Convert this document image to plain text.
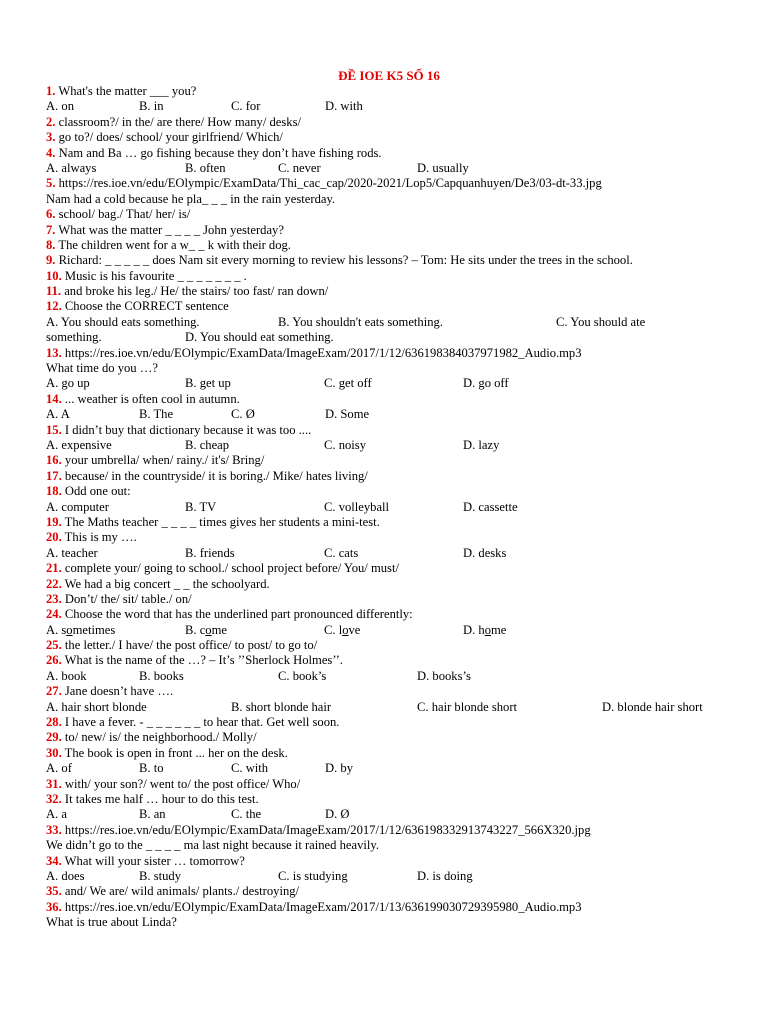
ĐỀ IOE K5 SỐ 16
1. What's the matter ___ you?
A. on	B. in	C. for	D. with
2. classroom?/ in the/ are there/ How many/ desks/
3. go to?/ does/ school/ your girlfriend/ Which/
4. Nam and Ba … go fishing because they don’t have fishing rods.
A. always	B. often	C. never	D. usually
5. https://res.ioe.vn/edu/EOlympic/ExamData/Thi_cac_cap/2020-2021/Lop5/Capquanhuyen/De3/03-dt-33.jpg
Nam had a cold because he pla_ _ _ in the rain yesterday.
6. school/ bag./ That/ her/ is/
7. What was the matter _ _ _ _ John yesterday?
8. The children went for a w_ _ k with their dog.
9. Richard: _ _ _ _ _ does Nam sit every morning to review his lessons? – Tom: He sits under the trees in the school.
10. Music is his favourite _ _ _ _ _ _ _ .
11. and broke his leg./ He/ the stairs/ too fast/ ran down/
12. Choose the CORRECT sentence
A. You should eats something.	B. You shouldn't eats something.	C. You should ate
something.	D. You should eat something.
13. https://res.ioe.vn/edu/EOlympic/ExamData/ImageExam/2017/1/12/636198384037971982_Audio.mp3
What time do you …?
A. go up	B. get up	C. get off	D. go off
14. ... weather is often cool in autumn.
A. A	B. The	C. Ø	D. Some
15. I didn’t buy that dictionary because it was too ....
A. expensive	B. cheap	C. noisy	D. lazy
16. your umbrella/ when/ rainy./ it's/ Bring/
17. because/ in the countryside/ it is boring./ Mike/ hates living/
18. Odd one out:
A. computer	B. TV	C. volleyball	D. cassette
19. The Maths teacher _ _ _ _ times gives her students a mini-test.
20. This is my ….
A. teacher	B. friends	C. cats	D. desks
21. complete your/ going to school./ school project before/ You/ must/
22. We had a big concert _ _ the schoolyard.
23. Don’t/ the/ sit/ table./ on/
24. Choose the word that has the underlined part pronounced differently:
A. sometimes	B. come	C. love	D. home
25. the letter./ I have/ the post office/ to post/ to go to/
26. What is the name of the …? – It’s ’’Sherlock Holmes’’.
A. book	B. books	C. book’s	D. books’s
27. Jane doesn’t have ….
A. hair short blonde	B. short blonde hair	C. hair blonde short	D. blonde hair short
28. I have a fever. - _ _ _ _ _ _ to hear that. Get well soon.
29. to/ new/ is/ the neighborhood./ Molly/
30. The book is open in front ... her on the desk.
A. of	B. to	C. with	D. by
31. with/ your son?/ went to/ the post office/ Who/
32. It takes me half … hour to do this test.
A. a	B. an	C. the	D. Ø
33. https://res.ioe.vn/edu/EOlympic/ExamData/ImageExam/2017/1/12/636198332913743227_566X320.jpg
We didn’t go to the _ _ _ _ ma last night because it rained heavily.
34. What will your sister … tomorrow?
A. does	B. study	C. is studying	D. is doing
35. and/ We are/ wild animals/ plants./ destroying/
36. https://res.ioe.vn/edu/EOlympic/ExamData/ImageExam/2017/1/13/636199030729395980_Audio.mp3
What is true about Linda?
